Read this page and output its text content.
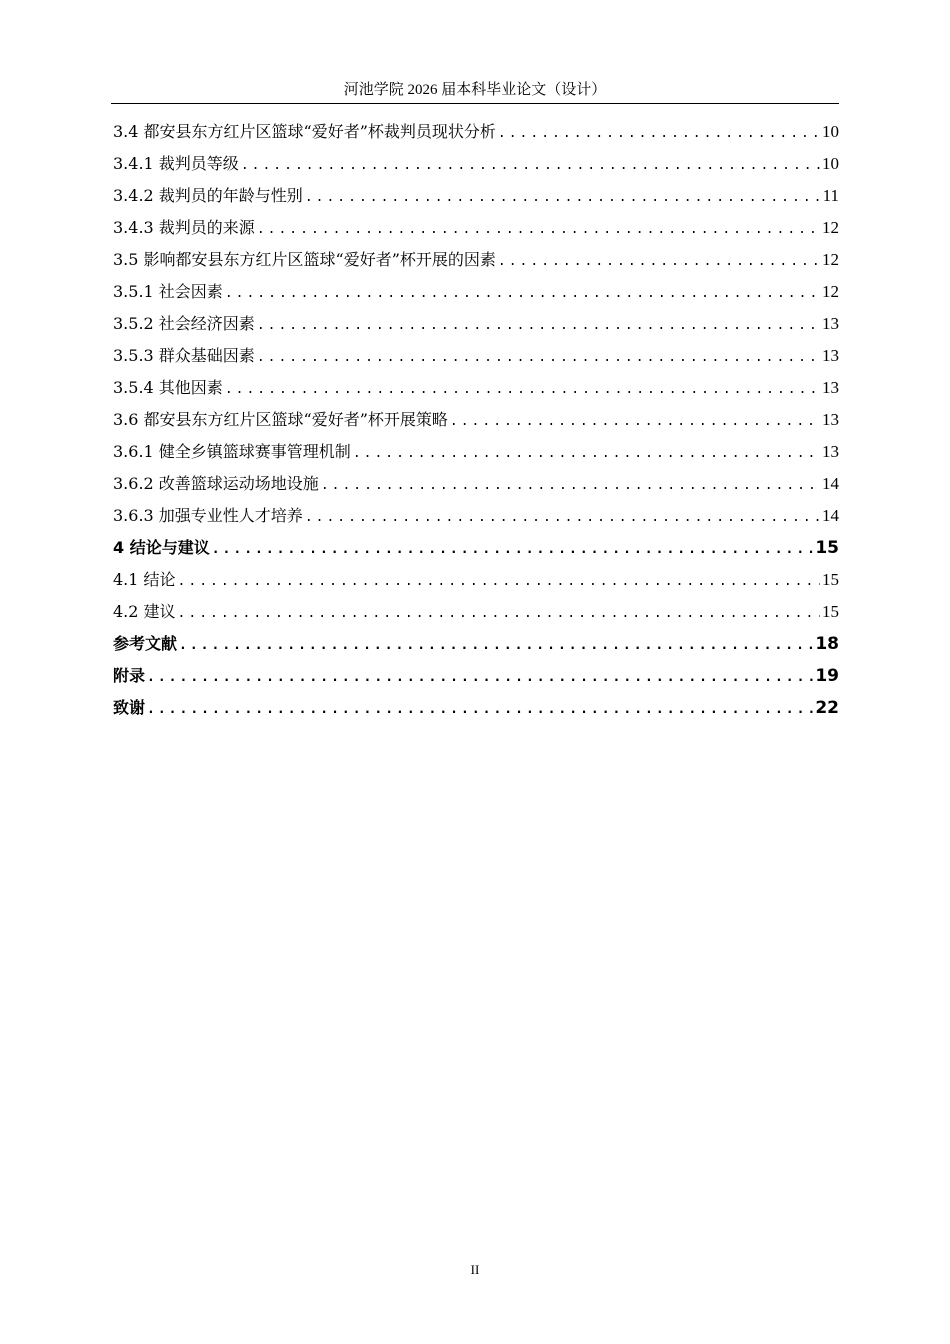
河池学院 2026 届本科毕业论文（设计）
3.4 都安县东方红片区篮球“爱好者”杯裁判员现状分析 .....	10
3.4.1 裁判员等级 .....	10
3.4.2 裁判员的年龄与性别 .....	11
3.4.3 裁判员的来源 .....	12
3.5 影响都安县东方红片区篮球“爱好者”杯开展的因素 .....	12
3.5.1 社会因素 .....	12
3.5.2 社会经济因素 .....	13
3.5.3 群众基础因素 .....	13
3.5.4 其他因素 .....	13
3.6 都安县东方红片区篮球“爱好者”杯开展策略 .....	13
3.6.1 健全乡镇篮球赛事管理机制 .....	13
3.6.2 改善篮球运动场地设施 .....	14
3.6.3 加强专业性人才培养 .....	14
4 结论与建议 .....	15
4.1 结论 .....	15
4.2 建议 .....	15
参考文献 .....	18
附录 .....	19
致谢 .....	22
II
